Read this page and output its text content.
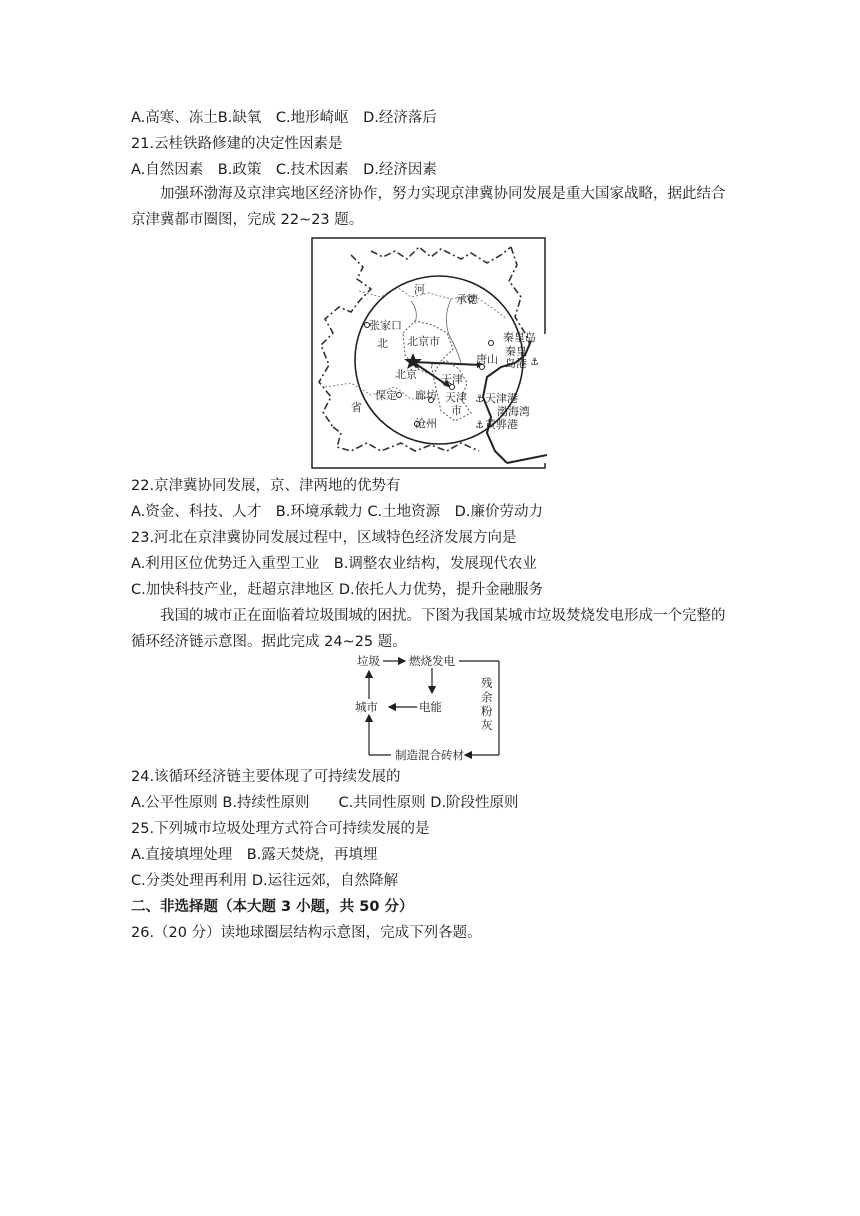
A.高寒、冻土B.缺氧　C.地形崎岖　D.经济落后
21.云桂铁路修建的决定性因素是
A.自然因素　B.政策　C.技术因素　D.经济因素
加强环渤海及京津宾地区经济协作，努力实现京津冀协同发展是重大国家战略，据此结合京津冀都市圈图，完成 22~23 题。
⚓
⚓
⚓
河
承德
张家口
北 北京市	秦皇岛
秦皇
岛港
唐山
北京 天津
天津
市
天津港
保定 廊坊
渤海湾
省
沧州	黄骅港
22.京津冀协同发展，京、津两地的优势有
A.资金、科技、人才　B.环境承载力 C.土地资源　D.廉价劳动力
23.河北在京津冀协同发展过程中，区域特色经济发展方向是
A.利用区位优势迁入重型工业　B.调整农业结构，发展现代农业
C.加快科技产业，赶超京津地区 D.依托人力优势，提升金融服务
我国的城市正在面临着垃圾围城的困扰。下图为我国某城市垃圾焚烧发电形成一个完整的循环经济链示意图。据此完成 24~25 题。
垃圾	燃烧发电
电能
城市
制造混合砖材
残
余
粉
灰
24.该循环经济链主要体现了可持续发展的
A.公平性原则 B.持续性原则　　C.共同性原则 D.阶段性原则
25.下列城市垃圾处理方式符合可持续发展的是
A.直接填埋处理　B.露天焚烧，再填埋
C.分类处理再利用 D.运往远郊，自然降解
二、非选择题（本大题 3 小题，共 50 分）
26.（20 分）读地球圈层结构示意图，完成下列各题。
